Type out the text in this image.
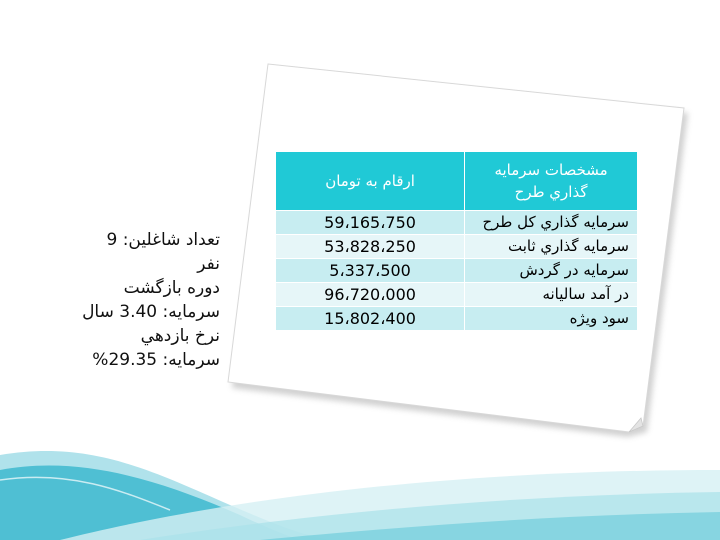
تعداد شاغلين: 9
نفر
دوره بازگشت
سرمايه: 3.40 سال
نرخ بازدهي
سرمايه: 29.35%
مشخصات سرمايه گذاري طرح	ارقام به تومان
سرمايه گذاري كل طرح	59،165،750
سرمايه گذاري ثابت	53،828،250
سرمايه در گردش	5،337،500
در آمد ساليانه	96،720،000
سود ويژه	15،802،400
